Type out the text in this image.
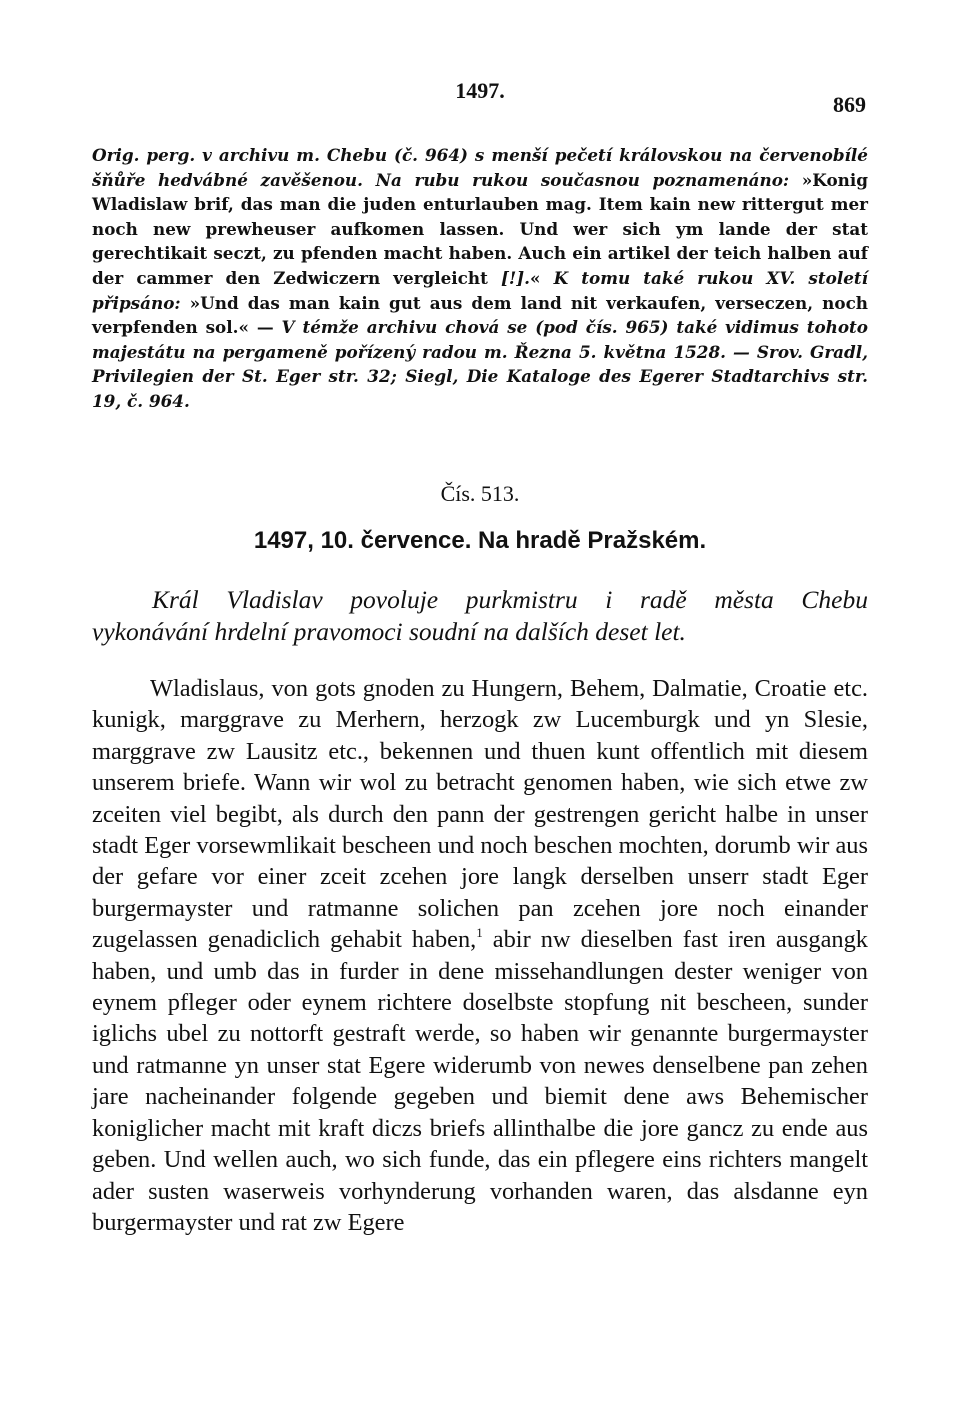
1497.
869
Orig. perg. v archivu m. Chebu (č. 964) s menší pečetí královskou na červenobílé šňůře hedvábné zavěšenou. Na rubu rukou současnou poznamenáno: »Konig Wladislaw brif, das man die juden enturlauben mag. Item kain new rittergut mer noch new prewheuser aufkomen lassen. Und wer sich ym lande der stat gerechtikait seczt, zu pfenden macht haben. Auch ein artikel der teich halben auf der cammer den Zedwiczern vergleicht [!].« K tomu také rukou XV. století připsáno: »Und das man kain gut aus dem land nit verkaufen, verseczen, noch verpfenden sol.« — V témže archivu chová se (pod čís. 965) také vidimus tohoto majestátu na pergameně pořízený radou m. Řezna 5. května 1528. — Srov. Gradl, Privilegien der St. Eger str. 32; Siegl, Die Kataloge des Egerer Stadtarchivs str. 19, č. 964.
Čís. 513.
1497, 10. července. Na hradě Pražském.
Král Vladislav povoluje purkmistru i radě města Chebu
vykonávání hrdelní pravomoci soudní na dalších deset let.

Wladislaus, von gots gnoden zu Hungern, Behem, Dalmatie, Croatie etc. kunigk, marggrave zu Merhern, herzogk zw Lucemburgk und yn Slesie, marggrave zw Lausitz etc., bekennen und thuen kunt offentlich mit diesem unserem briefe. Wann wir wol zu betracht genomen haben, wie sich etwe zw zceiten viel begibt, als durch den pann der gestrengen gericht halbe in unser stadt Eger vorsewmlikait bescheen und noch beschen mochten, dorumb wir aus der gefare vor einer zceit zcehen jore langk derselben unserr stadt Eger burgermayster und ratmanne solichen pan zcehen jore noch einander zugelassen genadiclich gehabit haben,$^1$ abir nw dieselben fast iren ausgangk haben, und umb das in furder in dene missehandlungen dester weniger von eynem pfleger oder eynem richtere doselbste stopfung nit bescheen, sunder iglichs ubel zu nottorft gestraft werde, so haben wir genannte burgermayster und ratmanne yn unser stat Egere widerumb von newes denselbene pan zehen jare nacheinander folgende gegeben und biemit dene aws Behemischer koniglicher macht mit kraft diczs briefs allinthalbe die jore gancz zu ende aus geben. Und wellen auch, wo sich funde, das ein pflegere eins richters mangelt ader susten waserweis vorhynderung vorhanden waren, das alsdanne eyn burgermayster und rat zw Egere
